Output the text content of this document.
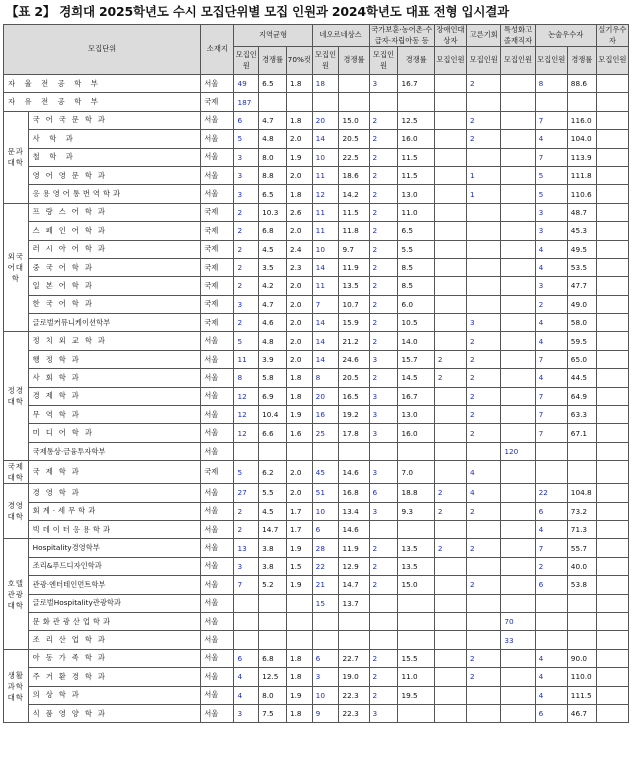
【표 2】 경희대 2025학년도 수시 모집단위별 모집 인원과 2024학년도 대표 전형 입시결과
모집단위		소재지	지역균형			네오르네상스		국가보훈·농어촌·수급자·자립아동 등		장애인대상자	고른기회	특성화고졸재직자	논술우수자		실기우수자
			모집인원	경쟁률	70%컷	모집인원	경쟁률	모집인원	경쟁률	모집인원	모집인원	모집인원	모집인원	경쟁률	모집인원
자율전공학부		서울	49	6.5	1.8	18		3	16.7		2		8	88.6	
자유전공학부		국제	187												
문과대학	국어국문학과	서울	6	4.7	1.8	20	15.0	2	12.5		2		7	116.0	
	사학과	서울	5	4.8	2.0	14	20.5	2	16.0		2		4	104.0	
	철학과	서울	3	8.0	1.9	10	22.5	2	11.5				7	113.9	
	영어영문학과	서울	3	8.8	2.0	11	18.6	2	11.5		1		5	111.8	
	응용영어통번역학과	서울	3	6.5	1.8	12	14.2	2	13.0		1		5	110.6	
외국어대학	프랑스어학과	국제	2	10.3	2.6	11	11.5	2	11.0				3	48.7	
	스페인어학과	국제	2	6.8	2.0	11	11.8	2	6.5				3	45.3	
	러시아어학과	국제	2	4.5	2.4	10	9.7	2	5.5				4	49.5	
	중국어학과	국제	2	3.5	2.3	14	11.9	2	8.5				4	53.5	
	일본어학과	국제	2	4.2	2.0	11	13.5	2	8.5				3	47.7	
	한국어학과	국제	3	4.7	2.0	7	10.7	2	6.0				2	49.0	
	글로벌커뮤니케이션학부	국제	2	4.6	2.0	14	15.9	2	10.5		3		4	58.0	
정경대학	정치외교학과	서울	5	4.8	2.0	14	21.2	2	14.0		2		4	59.5	
	행정학과	서울	11	3.9	2.0	14	24.6	3	15.7	2	2		7	65.0	
	사회학과	서울	8	5.8	1.8	8	20.5	2	14.5	2	2		4	44.5	
	경제학과	서울	12	6.9	1.8	20	16.5	3	16.7		2		7	64.9	
	무역학과	서울	12	10.4	1.9	16	19.2	3	13.0		2		7	63.3	
	미디어학과	서울	12	6.6	1.6	25	17.8	3	16.0		2		7	67.1	
	국제통상·금융투자학부	서울										120			
국제대학	국제학과	국제	5	6.2	2.0	45	14.6	3	7.0		4				
경영대학	경영학과	서울	27	5.5	2.0	51	16.8	6	18.8	2	4		22	104.8	
	회계·세무학과	서울	2	4.5	1.7	10	13.4	3	9.3	2	2		6	73.2	
	빅데이터응용학과	서울	2	14.7	1.7	6	14.6						4	71.3	
호텔관광대학	Hospitality경영학부	서울	13	3.8	1.9	28	11.9	2	13.5	2	2		7	55.7	
	조리&푸드디자인학과	서울	3	3.8	1.5	22	12.9	2	13.5				2	40.0	
	관광·엔터테인먼트학부	서울	7	5.2	1.9	21	14.7	2	15.0		2		6	53.8	
	글로벌Hospitality관광학과	서울				15	13.7								
	문화관광산업학과	서울										70			
	조리산업학과	서울										33			
생활과학대학	아동가족학과	서울	6	6.8	1.8	6	22.7	2	15.5		2		4	90.0	
	주거환경학과	서울	4	12.5	1.8	3	19.0	2	11.0		2		4	110.0	
	의상학과	서울	4	8.0	1.9	10	22.3	2	19.5				4	111.5	
	식품영양학과	서울	3	7.5	1.8	9	22.3	3					6	46.7	
